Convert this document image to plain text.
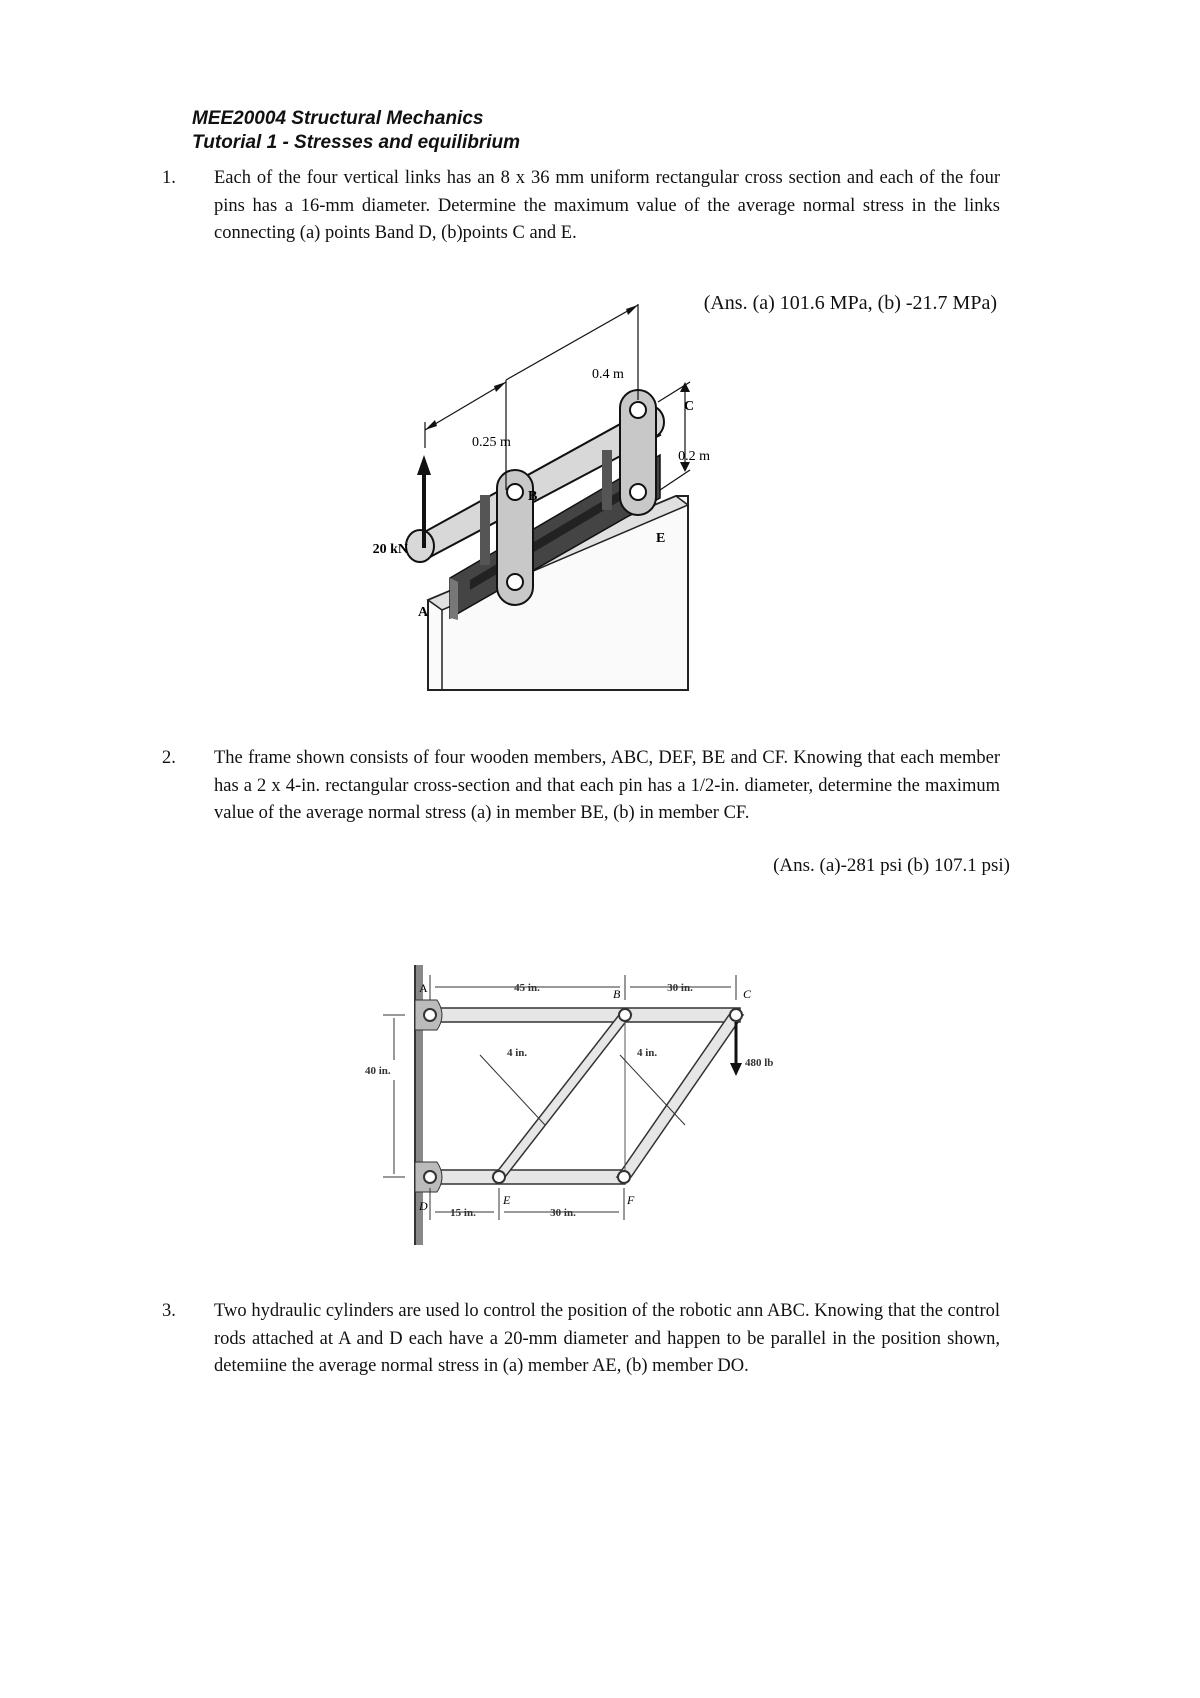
MEE20004 Structural Mechanics
Tutorial 1 - Stresses and equilibrium
1. Each of the four vertical links has an 8 x 36 mm uniform rectangular cross section and each of the four pins has a 16-mm diameter. Determine the maximum value of the average normal stress in the links connecting (a) points Band D, (b)points C and E.
(Ans. (a) 101.6 MPa, (b) -21.7 MPa)
0.4 m
0.25 m
0.2 m
20 kN
A
B
C
E
2. The frame shown consists of four wooden members, ABC, DEF, BE and CF. Knowing that each member has a 2 x 4-in. rectangular cross-section and that each pin has a 1/2-in. diameter, determine the maximum value of the average normal stress (a) in member BE, (b) in member CF.
(Ans. (a)-281 psi (b) 107.1 psi)
A	B	C
D	E	F
45 in.	30 in.
40 in.
15 in.	30 in.
4 in.	4 in.
480 lb
3. Two hydraulic cylinders are used lo control the position of the robotic ann ABC. Knowing that the control rods attached at A and D each have a 20-mm diameter and happen to be parallel in the position shown, detemiine the average normal stress in (a) member AE, (b) member DO.
